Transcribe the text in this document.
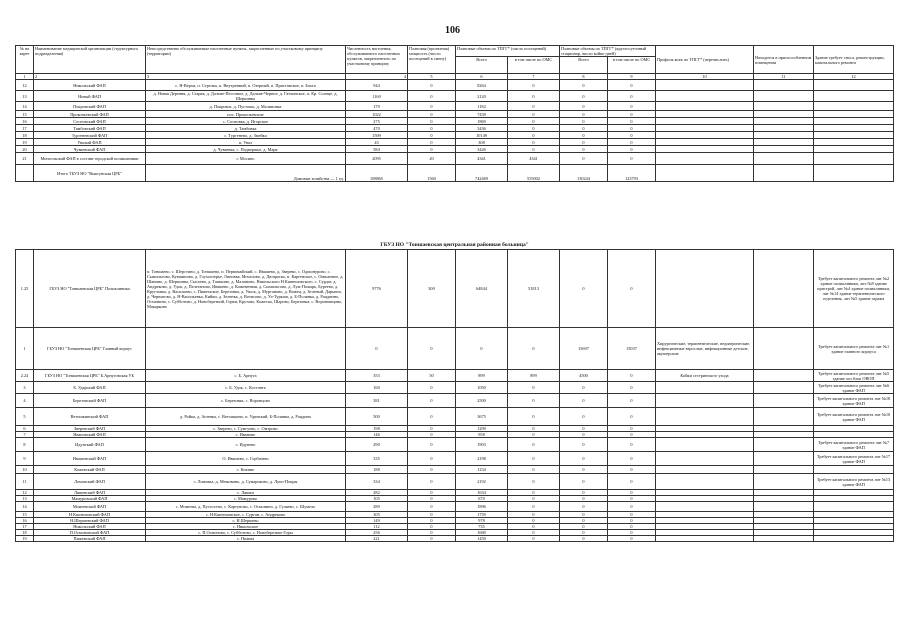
106
№ на карте	Наименование медицинской организации (структурного подразделения)	Непосредственно обслуживаемые населенные пункты, закрепленные по участковому принципу (территории)	Численность населения, обслуживаемого населенных пунктов, закрепленного по участковому принципу	Плановая (проектная) мощность (число посещений в смену)	Плановые объемы по ТПГГ* (число посещений)		Плановые объемы по ТПГГ* (круглосуточный стационар, число койко-дней)		Профиль коек по ТПГГ* (перечислить)	Находится в приспособленном помещении	Здание требует сноса, реконструкции, капитального ремонта
					Всего	в том числе по ОМС	Всего	в том числе по ОМС			
1	2	3	4	5	6	7	8	9	10	11	12
12	Никольский ФАП	с. Н-Верхи, п. Стрелка, п. Внутренний, п. Озерный, п. Пристанское, п. Бахта	944	0	8264	0	0	0			
13	Новый ФАП	д. Новая Деревня, д. Старая, д. Дальне-Песочное, д. Дальне-Черное, д. Гатчинское, п. Кр. Солнце, д. Шершины	1160	0	2120	0	0	0			
14	Покровский ФАП	д. Покровск, д. Пустошь, д. Малиновка	179	0	1182	0	0	0			
15	Прокопьевский ФАП	пос. Прокопьевские	1022	0	7439	0	0	0			
16	Сосновский ФАП	с. Сосновка, д. Игорское	275	0	1869	0	0	0			
17	Тамбовский ФАП	д. Тамбовка	470	0	3436	0	0	0			
18	Тургеневский ФАП	с. Тургенево, д. Змейка	1509	0	10149	0	0	0			
19	Увалый ФАП	п. Увал	43	0	308	0	0	0			
20	Чуваевский ФАП	д. Чуваевка, с. Подвершье, д. Марк	584	0	3426	0	0	0			
21	Монгольский ФАП в составе городской поликлиники	г. Мосино	2095	20	4341	4341	0	0			
	Итого ТБУЗ НО "Выксунская ЦРБ"	Домовые хозяйства — 1 ед.	108865	1560	742469	555002	130244	123793			
ГБУЗ НО "Тоншаевская центральная районная больница"											
1.25	ГБУЗ НО "Тоншаевская ЦРБ" Поликлиника	п. Тоншаево, с. Шерстино, д. Тоншаево, п. Первомайский, с. Ивашево, д. Зверево, с. Одошнурово, с. Сымпльгово, Кувшиново, д. Глухоозерье, Липовка, Мочалово, д. Дюпраско, п. Каргенское, с. Омшанное, д. Шанино, д. Шершины, Сысоево, д. Ташкино, д. Малиново, Никольского Н.Кшнешовского, с. Сурдаг, д. Андреково, д. Удок, д. Пелеганово, Ивашево, д. Кожевенная, д. Сымпльгово, д. Луж-Пожарь, Буреево, д. Кругловка, д. Васильево, с. Пижемское, Березовка, д. Ушок, д. Мурганово, д. Вожец, д. Зеленый, Дарьино, д. Чернигово, д. Н-Васильевка, Кийки, д. Зеленка, д. Вотисово, д. Ул-Туркаш, д. Б-Полянка, д. Рацдинно, Осмонино, с. Субботово, д. Новоберезкий, Горки, Крутово, Кожеско, Шарово, Березовка, с. Вороновщино, Макарково	9776	300	64844	51813	0	0			Требует капитального ремонта лит №2 здание поликлиники, лит №8 здание пристрой, лит №4 здание поликлиники, лит №14 здание терапевтического отделения, лит №5 здание гаража
1	ГБУЗ НО "Тоншаевская ЦРБ" Главный корпус		0	0	0	0	15697	15037	Хирургические, терапевтические, педиатрические, инфекционные взрослые, инфекционные детские, акушерские		Требует капитального ремонта лит №1 здание главного корпуса
2.24	ГБУЗ НО "Тоншаевская ЦРБ" Б.Арнуговская УБ	с. Б. Арнуга	353	50	899	899	4500	0	Койки сестринского ухода		Требует капитального ремонта лит №5 здание хоз.блок ОВОП
3	Б. Ударский ФАП	с. Б. Удок, с. Костанть	160	0	1050	0	0	0			Требует капитального ремонта лит №6 здание ФАП
4	Березовский ФАП	с. Березовка, с. Воронцово	381	0	2500	0	0	0			Требует капитального ремонта лит №18 здание ФАП
5	Ветошкинский ФАП	д. Ройка, д. Зеленка, с. Ветошкино, п. Удинский, Б-Полянка, д. Рацдино	500	0	3675	0	0	0			Требует капитального ремонта лит №10 здание ФАП
6	Зверевский ФАП	с. Зверево, с. Сумгуево, с. Омтрово	198	0	1299	0	0	0			
7	Ивановский ФАП	с. Иваново	146	0	958	0	0	0			
8	Идунский ФАП	с. Идунево	290	0	1903	0	0	0			Требует капитального ремонта лит №7 здание ФАП
9	Ивашевский ФАП	О. Ивашево, с. Горбачево	335	0	2198	0	0	0			Требует капитального ремонта лит №17 здание ФАП
10	Кожевский ФАП	с. Кокино	188	0	1234	0	0	0			
11	Ломовский ФАП	с. Ломовка, д. Межовино, д. Сумароково, д. Лупо-Покры	334	0	2192	0	0	0			Требует капитального ремонта лит №13 здание ФАП
12	Ляшевский ФАП	с. Ляшки	282	0	1634	0	0	0			
13	Мамуровский ФАП	с. Мамурово	105	0	670	0	0	0			
14	Момеевский ФАП	с. Момеева, д. Пустосено, с. Картуново, с. Осмонино, д. Гуляево, с. Шумело	289	0	1896	0	0	0			
15	Н.Кшнешовский ФАП	с. Н.Кшнешовское, с. Сурган, с. Андреково	305	0	1759	0	0	0			
16	Н.Шершевский ФАП	с. Н.Шершево	149	0	978	0	0	0			
17	Никольский ФАП	с. Никольское	112	0	735	0	0	0			
18	П.Осмоновский ФАП	с. П.Осмоново, с. Субботово, с. Новоберезкие Горы	256	0	1680	0	0	0			
19	Пижемский ФАП	с. Пижма	221	0	1450	0	0	0			
